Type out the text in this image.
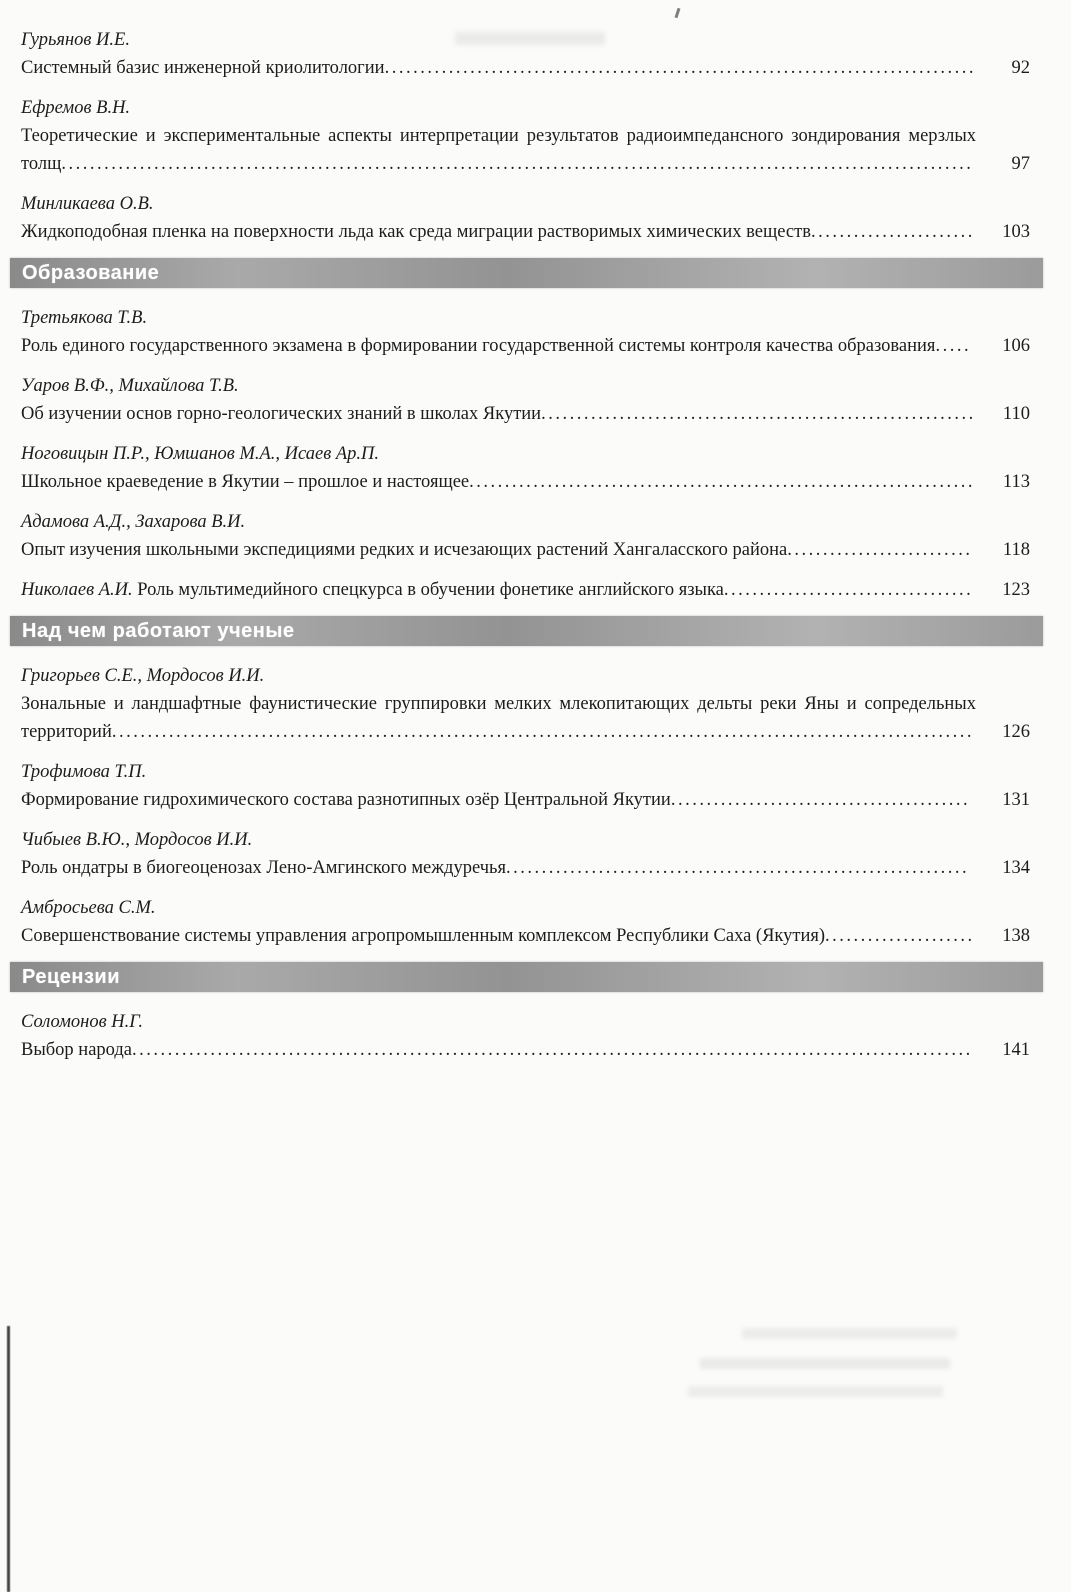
Гурьянов И.Е.
Системный базис инженерной криолитологии...................................................................................	92
Ефремов В.Н.
Теоретические и экспериментальные аспекты интерпретации результатов радиоимпедансного зондирования мерзлых толщ................................................................................................................................	97
Минликаева О.В.
Жидкоподобная пленка на поверхности льда как среда миграции растворимых химических веществ.......................	103
Образование
Третьякова Т.В.
Роль единого государственного экзамена в формировании государственной системы контроля качества образования.....	106
Уаров В.Ф., Михайлова Т.В.
Об изучении основ горно-геологических знаний в школах Якутии.............................................................	110
Ноговицын П.Р., Юмшанов М.А., Исаев Ар.П.
Школьное краеведение в Якутии – прошлое и настоящее.......................................................................	113
Адамова А.Д., Захарова В.И.
Опыт изучения школьными экспедициями редких и исчезающих растений Хангаласского района..........................	118
Николаев А.И. Роль мультимедийного спецкурса в обучении фонетике английского языка...................................	123
Над чем работают ученые
Григорьев С.Е., Мордосов И.И.
Зональные и ландшафтные фаунистические группировки мелких млекопитающих дельты реки Яны и сопредельных территорий.........................................................................................................................	126
Трофимова Т.П.
Формирование гидрохимического состава разнотипных озёр Центральной Якутии..........................................	131
Чибыев В.Ю., Мордосов И.И.
Роль ондатры в биогеоценозах Лено-Амгинского междуречья.................................................................	134
Амбросьева С.М.
Совершенствование системы управления агропромышленным комплексом Республики Саха (Якутия).....................	138
Рецензии
Соломонов Н.Г.
Выбор народа......................................................................................................................	141
